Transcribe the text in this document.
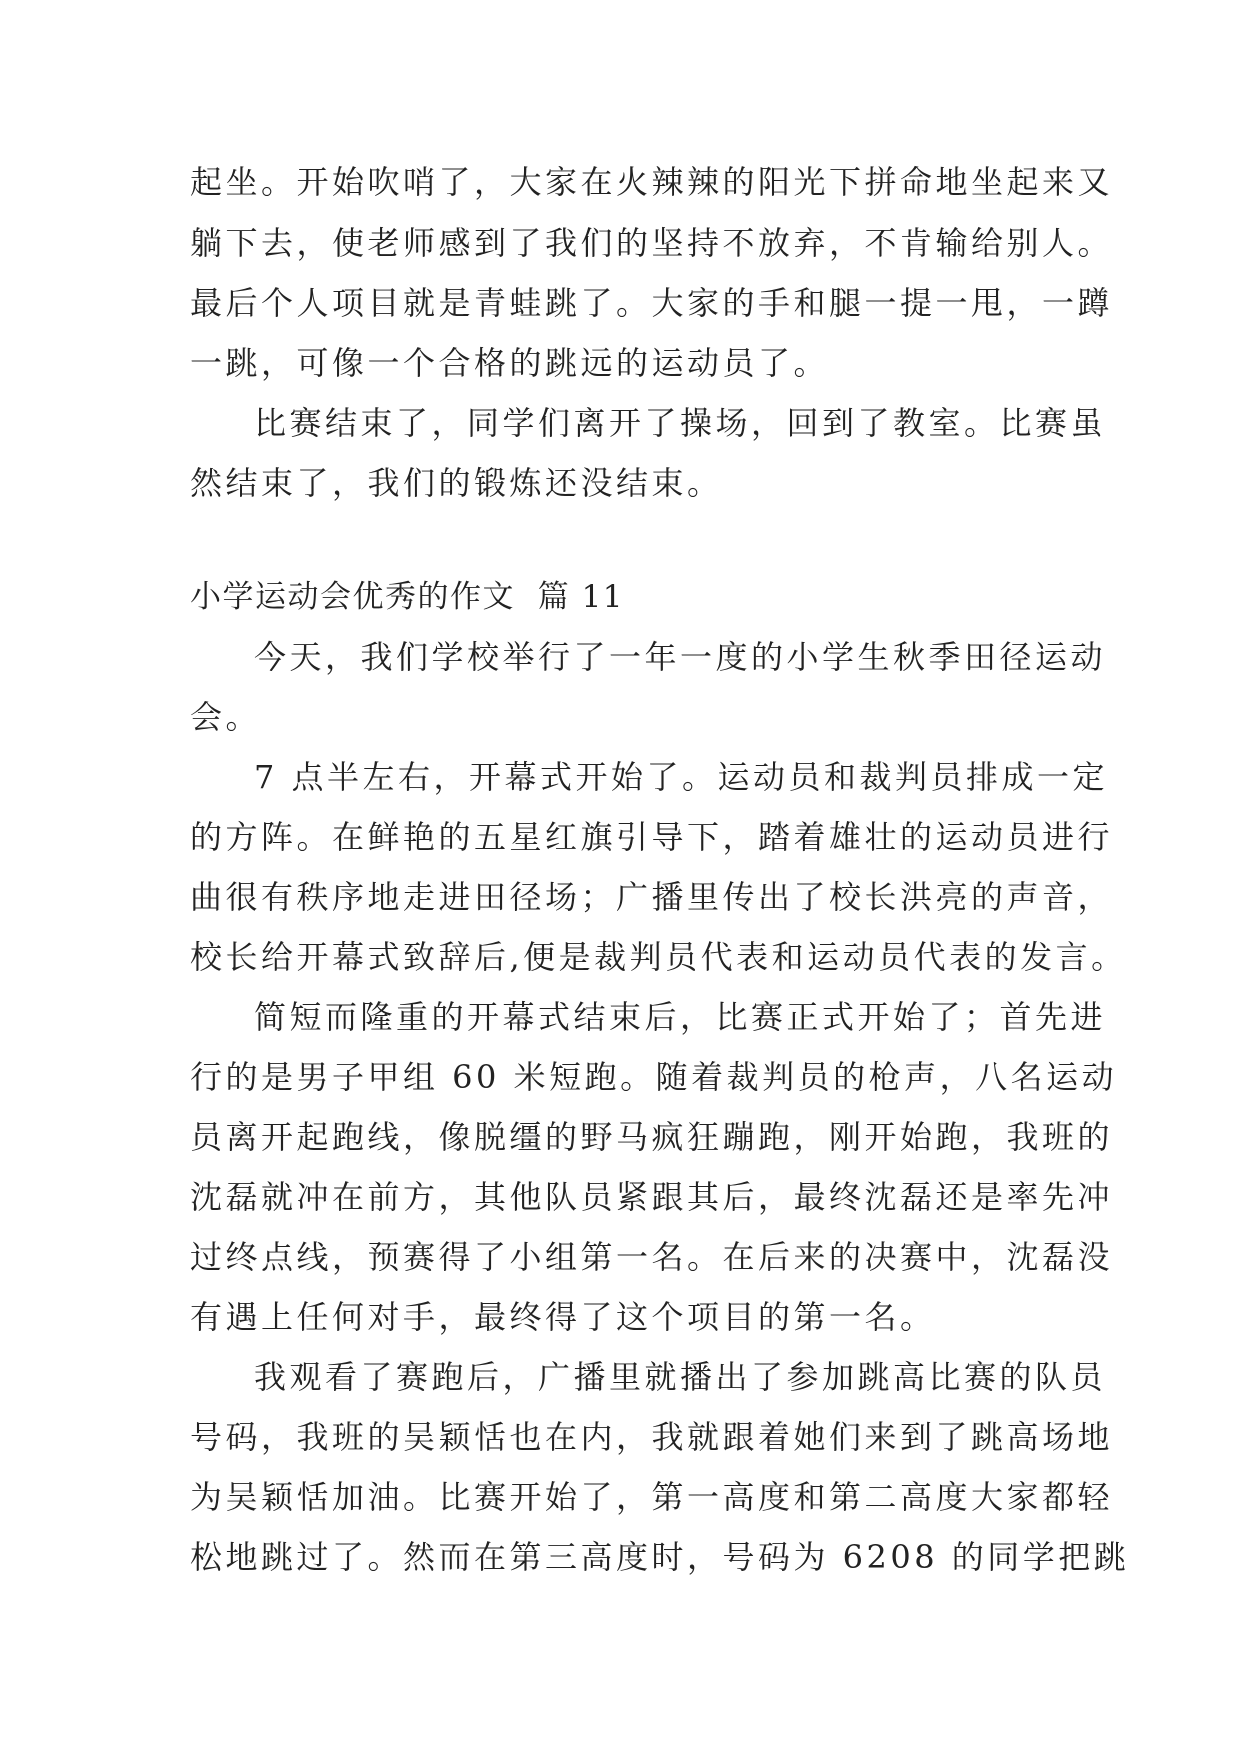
起坐。开始吹哨了，大家在火辣辣的阳光下拼命地坐起来又
躺下去，使老师感到了我们的坚持不放弃，不肯输给别人。
最后个人项目就是青蛙跳了。大家的手和腿一提一甩，一蹲
一跳，可像一个合格的跳远的运动员了。
比赛结束了，同学们离开了操场，回到了教室。比赛虽
然结束了，我们的锻炼还没结束。
小学运动会优秀的作文 篇 11
今天，我们学校举行了一年一度的小学生秋季田径运动
会。
7 点半左右，开幕式开始了。运动员和裁判员排成一定
的方阵。在鲜艳的五星红旗引导下，踏着雄壮的运动员进行
曲很有秩序地走进田径场；广播里传出了校长洪亮的声音，
校长给开幕式致辞后,便是裁判员代表和运动员代表的发言。
简短而隆重的开幕式结束后，比赛正式开始了；首先进
行的是男子甲组 60 米短跑。随着裁判员的枪声，八名运动
员离开起跑线，像脱缰的野马疯狂蹦跑，刚开始跑，我班的
沈磊就冲在前方，其他队员紧跟其后，最终沈磊还是率先冲
过终点线，预赛得了小组第一名。在后来的决赛中，沈磊没
有遇上任何对手，最终得了这个项目的第一名。
我观看了赛跑后，广播里就播出了参加跳高比赛的队员
号码，我班的吴颖恬也在内，我就跟着她们来到了跳高场地
为吴颖恬加油。比赛开始了，第一高度和第二高度大家都轻
松地跳过了。然而在第三高度时，号码为 6208 的同学把跳
